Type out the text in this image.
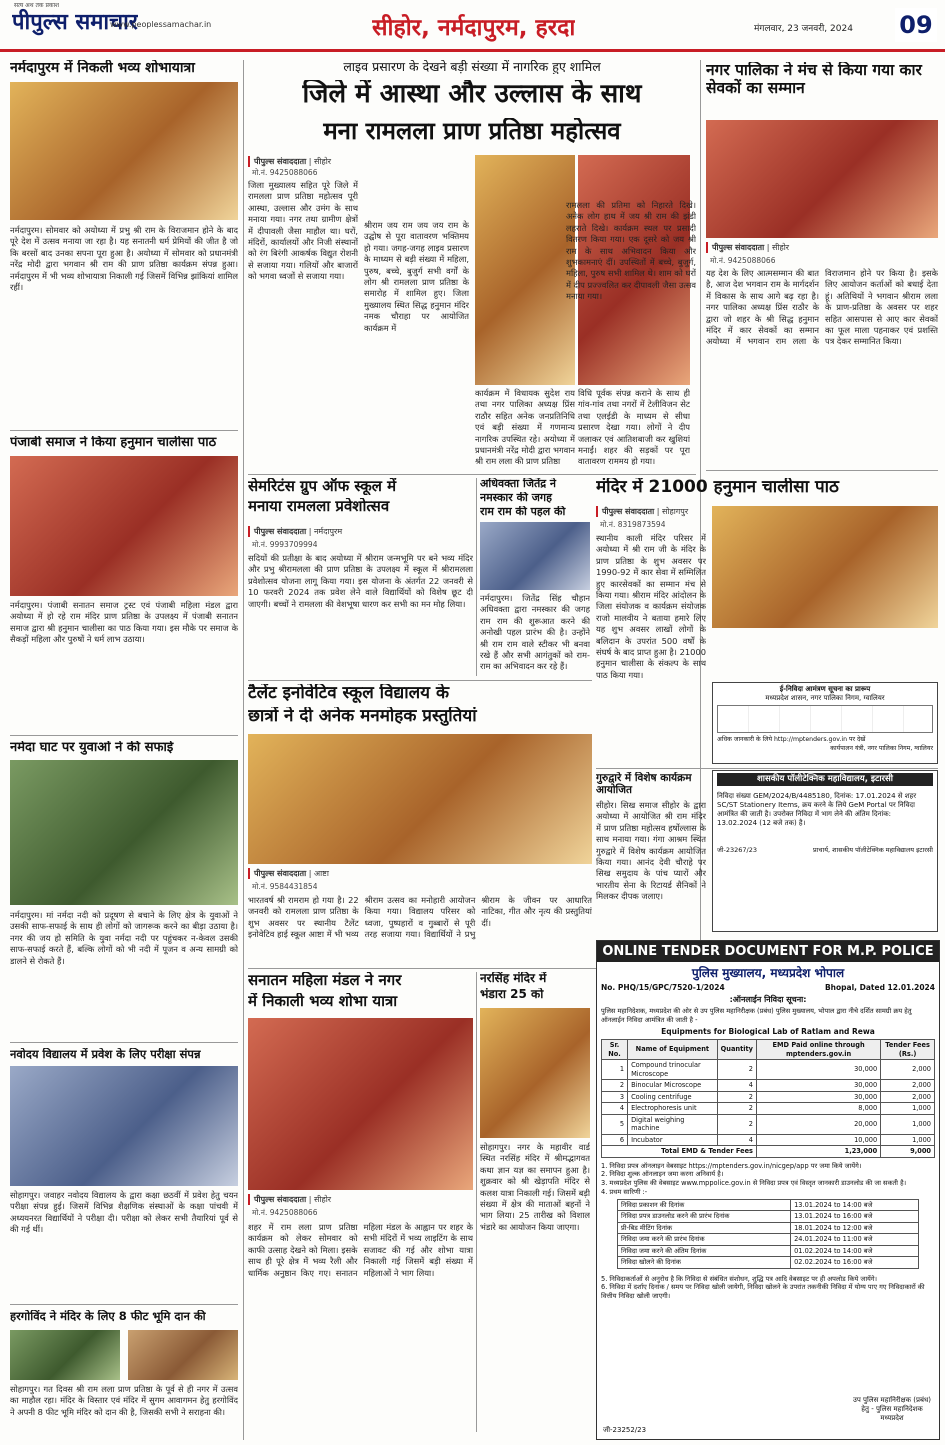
सत्य अथ तक प्रकाश
पीपुल्स समाचार
www.peoplessamachar.in	सीहोर, नर्मदापुरम, हरदा	मंगलवार, 23 जनवरी, 2024 09
नर्मदापुरम में निकली भव्य शोभायात्रा
नर्मदापुरम। सोमवार को अयोध्या में प्रभु श्री राम के विराजमान होने के बाद पूरे देश में उत्सव मनाया जा रहा है। यह सनातनी धर्म प्रेमियों की जीत है जो कि बरसों बाद उनका सपना पूरा हुआ है। अयोध्या में सोमवार को प्रधानमंत्री नरेंद्र मोदी द्वारा भगवान श्री राम की प्राण प्रतिष्ठा कार्यक्रम संपन्न हुआ। नर्मदापुरम में भी भव्य शोभायात्रा निकाली गई जिसमें विभिन्न झांकियां शामिल रहीं।
पंजाबी समाज ने किया हनुमान चालीसा पाठ
नर्मदापुरम। पंजाबी सनातन समाज ट्रस्ट एवं पंजाबी महिला मंडल द्वारा अयोध्या में हो रहे राम मंदिर प्राण प्रतिष्ठा के उपलक्ष्य में पंजाबी सनातन समाज द्वारा श्री हनुमान चालीसा का पाठ किया गया। इस मौके पर समाज के सैकड़ों महिला और पुरुषों ने धर्म लाभ उठाया।
नर्मदा घाट पर युवाओं ने की सफाई
नर्मदापुरम। मां नर्मदा नदी को प्रदूषण से बचाने के लिए क्षेत्र के युवाओं ने उसकी साफ-सफाई के साथ ही लोगों को जागरूक करने का बीड़ा उठाया है। नगर की जय हो समिति के युवा नर्मदा नदी पर पहुंचकर न-केवल उसकी साफ-सफाई करते हैं, बल्कि लोगों को भी नदी में पूजन व अन्य सामग्री को डालने से रोकते हैं।
नवोदय विद्यालय में प्रवेश के लिए परीक्षा संपन्न
सोहागपुर। जवाहर नवोदय विद्यालय के द्वारा कक्षा छठवीं में प्रवेश हेतु चयन परीक्षा संपन्न हुई। जिसमें विभिन्न शैक्षणिक संस्थाओं के कक्षा पांचवी में अध्ययनरत विद्यार्थियों ने परीक्षा दी। परीक्षा को लेकर सभी तैयारियां पूर्व से की गई थीं।
हरगोविंद ने मंदिर के लिए 8 फीट भूमि दान की
सोहागपुर। गत दिवस श्री राम लला प्राण प्रतिष्ठा के पूर्व से ही नगर में उत्सव का माहौल रहा। मंदिर के विस्तार एवं मंदिर में सुगम आवागमन हेतु हरगोविंद ने अपनी 8 फीट भूमि मंदिर को दान की है, जिसकी सभी ने सराहना की।
लाइव प्रसारण के देखने बड़ी संख्या में नागरिक हुए शामिल
जिले में आस्था और उल्लास के साथ
मना रामलला प्राण प्रतिष्ठा महोत्सव
पीपुल्स संवाददाता | सीहोर
मो.नं. 9425088066
जिला मुख्यालय सहित पूरे जिले में रामलला प्राण प्रतिष्ठा महोत्सव पूरी आस्था, उल्लास और उमंग के साथ मनाया गया। नगर तथा ग्रामीण क्षेत्रों में दीपावली जैसा माहौल था। घरों, मंदिरों, कार्यालयों और निजी संस्थानों को रंग बिरंगी आकर्षक विद्युत रोशनी से सजाया गया। गलियों और बाजारों को भगवा ध्वजों से सजाया गया।
श्रीराम जय राम जय जय राम के उद्घोष से पूरा वातावरण भक्तिमय हो गया। जगह-जगह लाइव प्रसारण के माध्यम से बड़ी संख्या में महिला, पुरुष, बच्चे, बुजुर्ग सभी वर्गों के लोग श्री रामलला प्राण प्रतिष्ठा के समारोह में शामिल हुए। जिला मुख्यालय स्थित सिद्ध हनुमान मंदिर नमक चौराहा पर आयोजित कार्यक्रम में
कार्यक्रम में विधायक सुदेश राय तथा नगर पालिका अध्यक्ष प्रिंस राठौर सहित अनेक जनप्रतिनिधि एवं बड़ी संख्या में गणमान्य नागरिक उपस्थित रहे। अयोध्या में प्रधानमंत्री नरेंद्र मोदी द्वारा भगवान श्री राम लला की प्राण प्रतिष्ठा
विधि पूर्वक संपन्न कराने के साथ ही गांव-गांव तथा नगरों में टेलीविजन सेट तथा एलईडी के माध्यम से सीधा प्रसारण देखा गया। लोगों ने दीप जलाकर एवं आतिशबाजी कर खुशियां मनाईं। शहर की सड़कों पर पूरा वातावरण राममय हो गया।
रामलला की प्रतिमा को निहारते दिखे। अनेक लोग हाथ में जय श्री राम की झंडी लहराते दिखे। कार्यक्रम स्थल पर प्रसादी वितरण किया गया। एक दूसरे को जय श्री राम के साथ अभिवादन किया और शुभकामनाएं दीं। उपस्थितों में बच्चे, बुजुर्ग, महिला, पुरुष सभी शामिल थे। शाम को घरों में दीप प्रज्ज्वलित कर दीपावली जैसा उत्सव मनाया गया।
सेमरिटंस ग्रुप ऑफ स्कूल में
मनाया रामलला प्रवेशोत्सव
पीपुल्स संवाददाता | नर्मदापुरम
मो.नं. 9993709994
सदियों की प्रतीक्षा के बाद अयोध्या में श्रीराम जन्मभूमि पर बने भव्य मंदिर और प्रभु श्रीरामलला की प्राण प्रतिष्ठा के उपलक्ष्य में स्कूल में श्रीरामलला प्रवेशोत्सव योजना लागू किया गया। इस योजना के अंतर्गत 22 जनवरी से 10 फरवरी 2024 तक प्रवेश लेने वाले विद्यार्थियों को विशेष छूट दी जाएगी। बच्चों ने रामलला की वेशभूषा धारण कर सभी का मन मोह लिया।
अधिवक्ता जितेंद्र ने
नमस्कार की जगह
राम राम की पहल की
नर्मदापुरम। जितेंद्र सिंह चौहान अधिवक्ता द्वारा नमस्कार की जगह राम राम की शुरूआत करने की अनोखी पहल प्रारंभ की है। उन्होंने श्री राम राम वाले स्टीकर भी बनवा रखे हैं और सभी आगंतुकों को राम-राम का अभिवादन कर रहे हैं।
टैलेंट इनोवेटिव स्कूल विद्यालय के
छात्रों ने दी अनेक मनमोहक प्रस्तुतियां
पीपुल्स संवाददाता | आष्टा
मो.नं. 9584431854
भारतवर्ष श्री रामराम हो गया है। 22 जनवरी को रामलला प्राण प्रतिष्ठा के शुभ अवसर पर स्थानीय टैलेंट इनोवेटिव हाई स्कूल आष्टा में भी भव्य श्रीराम उत्सव का मनोहारी आयोजन किया गया। विद्यालय परिसर को ध्वजा, पुष्पहारों व गुब्बारों से पूरी तरह सजाया गया। विद्यार्थियों ने प्रभु श्रीराम के जीवन पर आधारित नाटिका, गीत और नृत्य की प्रस्तुतियां दीं।
सनातन महिला मंडल ने नगर
में निकाली भव्य शोभा यात्रा
पीपुल्स संवाददाता | सीहोर
मो.नं. 9425088066
शहर में राम लला प्राण प्रतिष्ठा कार्यक्रम को लेकर सोमवार को काफी उत्साह देखने को मिला। इसके साथ ही पूरे क्षेत्र में भव्य रैली और धार्मिक अनुष्ठान किए गए। सनातन महिला मंडल के आह्वान पर शहर के सभी मंदिरों में भव्य लाइटिंग के साथ सजावट की गई और शोभा यात्रा निकाली गई जिसमें बड़ी संख्या में महिलाओं ने भाग लिया।
नरसिंह मंदिर में
भंडारा 25 को
सोहागपुर। नगर के महावीर वार्ड स्थित नरसिंह मंदिर में श्रीमद्भागवत कथा ज्ञान यज्ञ का समापन हुआ है। शुक्रवार को श्री खेड़ापति मंदिर से कलश यात्रा निकाली गई। जिसमें बड़ी संख्या में क्षेत्र की माताओं बहनों ने भाग लिया। 25 तारीख को विशाल भंडारे का आयोजन किया जाएगा।
ONLINE TENDER DOCUMENT FOR M.P. POLICE
पुलिस मुख्यालय, मध्यप्रदेश भोपाल
No. PHQ/15/GPC/7520-1/2024	Bhopal, Dated 12.01.2024
:ऑनलाईन निविदा सूचना:
पुलिस महानिदेशक, मध्यप्रदेश की ओर से उप पुलिस महानिरीक्षक (प्रबंध) पुलिस मुख्यालय, भोपाल द्वारा नीचे दर्शित सामग्री क्रय हेतु ऑनलाईन निविदा आमंत्रित की जाती है -
Equipments for Biological Lab of Ratlam and Rewa
Sr. No.	Name of Equipment	Quantity	EMD Paid online through mptenders.gov.in	Tender Fees (Rs.)
1	Compound trinocular Microscope	2	30,000	2,000
2	Binocular Microscope	4	30,000	2,000
3	Cooling centrifuge	2	30,000	2,000
4	Electrophoresis unit	2	8,000	1,000
5	Digital weighing machine	2	20,000	1,000
6	Incubator	4	10,000	1,000
Total EMD & Tender Fees			1,23,000	9,000
1. निविदा प्रपत्र ऑनलाइन वेबसाइट https://mptenders.gov.in/nicgep/app पर जमा किये जायेंगे।
2. निविदा शुल्क ऑनलाइन जमा करना अनिवार्य है।
3. मध्यप्रदेश पुलिस की वेबसाइट www.mppolice.gov.in से निविदा प्रपत्र एवं विस्तृत जानकारी डाउनलोड की जा सकती है।
4. प्रथम सारिणी :-
निविदा प्रकाशन की दिनांक	13.01.2024 to 14:00 बजे
निविदा प्रपत्र डाउनलोड करने की प्रारंभ दिनांक	13.01.2024 to 16:00 बजे
प्री-बिड मीटिंग दिनांक	18.01.2024 to 12:00 बजे
निविदा जमा करने की प्रारंभ दिनांक	24.01.2024 to 11:00 बजे
निविदा जमा करने की अंतिम दिनांक	01.02.2024 to 14:00 बजे
निविदा खोलने की दिनांक	02.02.2024 to 16:00 बजे
5. निविदाकर्ताओं से अनुरोध है कि निविदा से संबंधित संशोधन, शुद्धि पत्र आदि वेबसाइट पर ही अपलोड किये जायेंगे।
6. निविदा में दर्शाए दिनांक / समय पर निविदा खोली जायेगी, निविदा खोलने के उपरांत तकनीकी निविदा में योग्य पाए गए निविदाकारों की वित्तीय निविदा खोली जाएगी।
उप पुलिस महानिरीक्षक (प्रबंध)
हेतु - पुलिस महानिदेशक
मध्यप्रदेश
जी-23252/23
नगर पालिका ने मंच से किया गया कार सेवकों का सम्मान
पीपुल्स संवाददाता | सीहोर
मो.नं. 9425088066
यह देश के लिए आत्मसम्मान की बात है, आज देश भगवान राम के मार्गदर्शन में विकास के साथ आगे बढ़ रहा है। नगर पालिका अध्यक्ष प्रिंस राठौर के द्वारा जो शहर के श्री सिद्ध हनुमान मंदिर में कार सेवकों का सम्मान अयोध्या में भगवान राम लला के विराजमान होने पर किया है। इसके लिए आयोजन कर्ताओं को बधाई देता हूं। अतिथियों ने भगवान श्रीराम लला के प्राण-प्रतिष्ठा के अवसर पर शहर सहित आसपास से आए कार सेवकों का फूल माला पहनाकर एवं प्रशस्ति पत्र देकर सम्मानित किया।
मंदिर में 21000 हनुमान चालीसा पाठ
पीपुल्स संवाददाता | सोहागपुर
मो.नं. 8319873594
स्थानीय काली मंदिर परिसर में अयोध्या में श्री राम जी के मंदिर के प्राण प्रतिष्ठा के शुभ अवसर पर 1990-92 में कार सेवा में सम्मिलित हुए कारसेवकों का सम्मान मंच से किया गया। श्रीराम मंदिर आंदोलन के जिला संयोजक व कार्यक्रम संयोजक राजो मालवीय ने बताया हमारे लिए यह शुभ अवसर लाखों लोगों के बलिदान के उपरांत 500 वर्षों के संघर्ष के बाद प्राप्त हुआ है। 21000 हनुमान चालीसा के संकल्प के साथ पाठ किया गया।
ई-निविदा आमंत्रण सूचना का प्रारूप
मध्यप्रदेश शासन, नगर पालिका निगम, ग्वालियर
अधिक जानकारी के लिये http://mptenders.gov.in पर देखें
कार्यपालन यंत्री, नगर पालिका निगम, ग्वालियर
गुरुद्वारे में विशेष कार्यक्रम आयोजित
सीहोर। सिख समाज सीहोर के द्वारा अयोध्या में आयोजित श्री राम मंदिर में प्राण प्रतिष्ठा महोत्सव हर्षोल्लास के साथ मनाया गया। गंगा आश्रम स्थित गुरुद्वारे में विशेष कार्यक्रम आयोजित किया गया। आनंद देवी चौराहे पर सिख समुदाय के पांच प्यारों और भारतीय सेना के रिटायर्ड सैनिकों ने मिलकर दीपक जलाए।
शासकीय पॉलीटेक्निक महाविद्यालय, इटारसी
निविदा संख्या GEM/2024/B/4485180, दिनांक: 17.01.2024 से शहर SC/ST Stationery Items, क्रय करने के लिये GeM Portal पर निविदा आमंत्रित की जाती है। उपरोक्त निविदा में भाग लेने की अंतिम दिनांक: 13.02.2024 (12 बजे तक) है।
जी-23267/23	प्राचार्य, शासकीय पॉलीटेक्निक महाविद्यालय इटारसी
